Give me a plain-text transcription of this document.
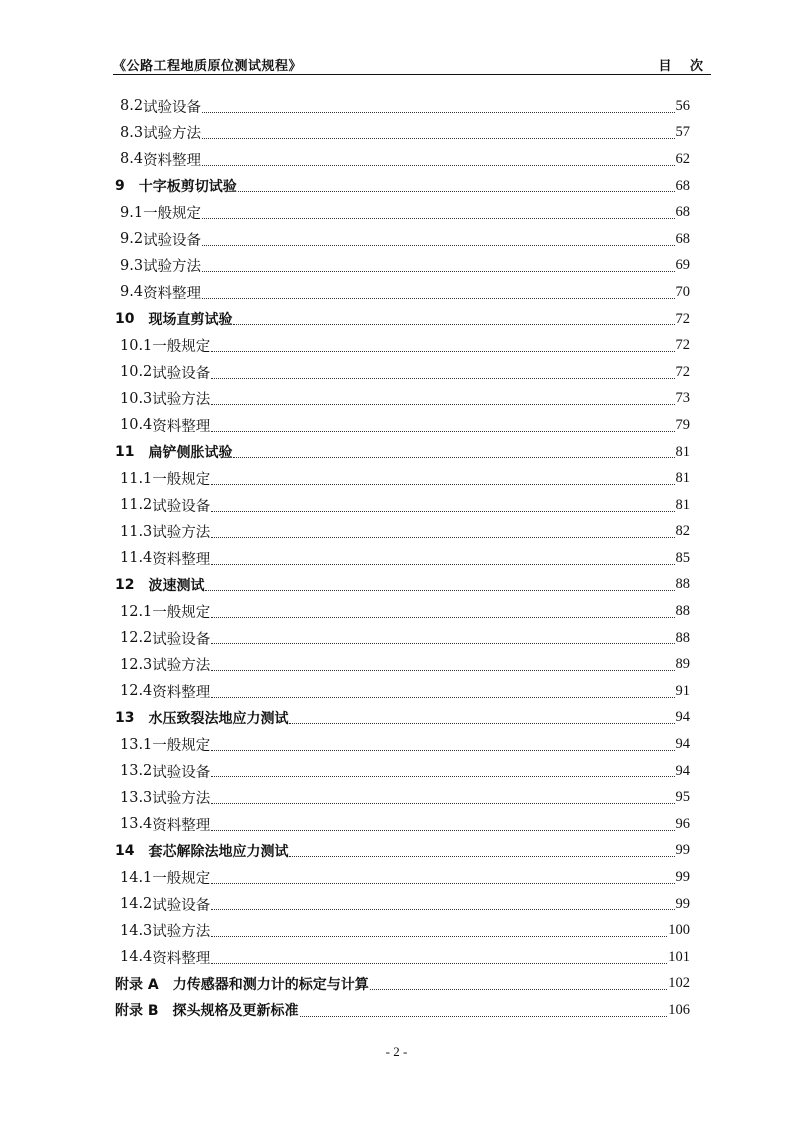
《公路工程地质原位测试规程》	目 次
8.2 试验设备	56
8.3 试验方法	57
8.4 资料整理	62
9 十字板剪切试验	68
9.1 一般规定	68
9.2 试验设备	68
9.3 试验方法	69
9.4 资料整理	70
10 现场直剪试验	72
10.1 一般规定	72
10.2 试验设备	72
10.3 试验方法	73
10.4 资料整理	79
11 扁铲侧胀试验	81
11.1 一般规定	81
11.2 试验设备	81
11.3 试验方法	82
11.4 资料整理	85
12 波速测试	88
12.1 一般规定	88
12.2 试验设备	88
12.3 试验方法	89
12.4 资料整理	91
13 水压致裂法地应力测试	94
13.1 一般规定	94
13.2 试验设备	94
13.3 试验方法	95
13.4 资料整理	96
14 套芯解除法地应力测试	99
14.1 一般规定	99
14.2 试验设备	99
14.3 试验方法	100
14.4 资料整理	101
附录 A 力传感器和测力计的标定与计算	102
附录 B 探头规格及更新标准	106
- 2 -
